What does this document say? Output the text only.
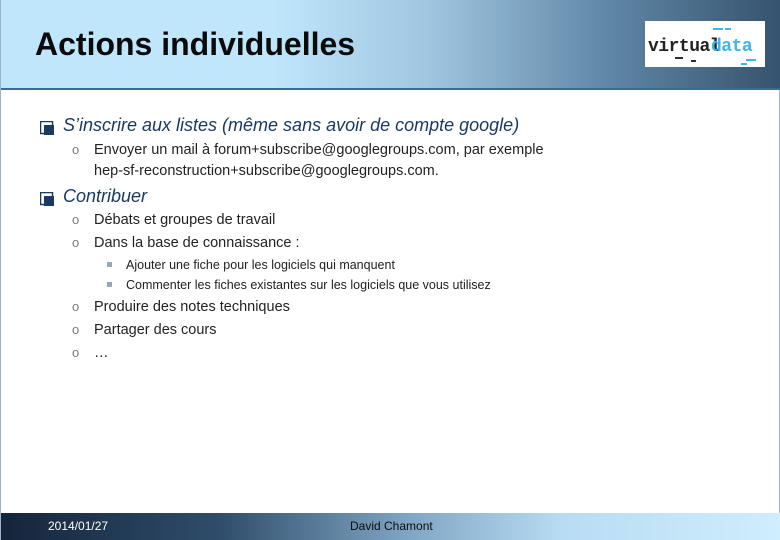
Actions individuelles	virtual
data
S’inscrire aux listes (même sans avoir de compte google)
o Envoyer un mail à forum+subscribe@googlegroups.com, par exemple
hep-sf-reconstruction+subscribe@googlegroups.com.
Contribuer
o Débats et groupes de travail
o Dans la base de connaissance :
Ajouter une fiche pour les logiciels qui manquent
Commenter les fiches existantes sur les logiciels que vous utilisez
o Produire des notes techniques
o Partager des cours
o …
2014/01/27	David Chamont
